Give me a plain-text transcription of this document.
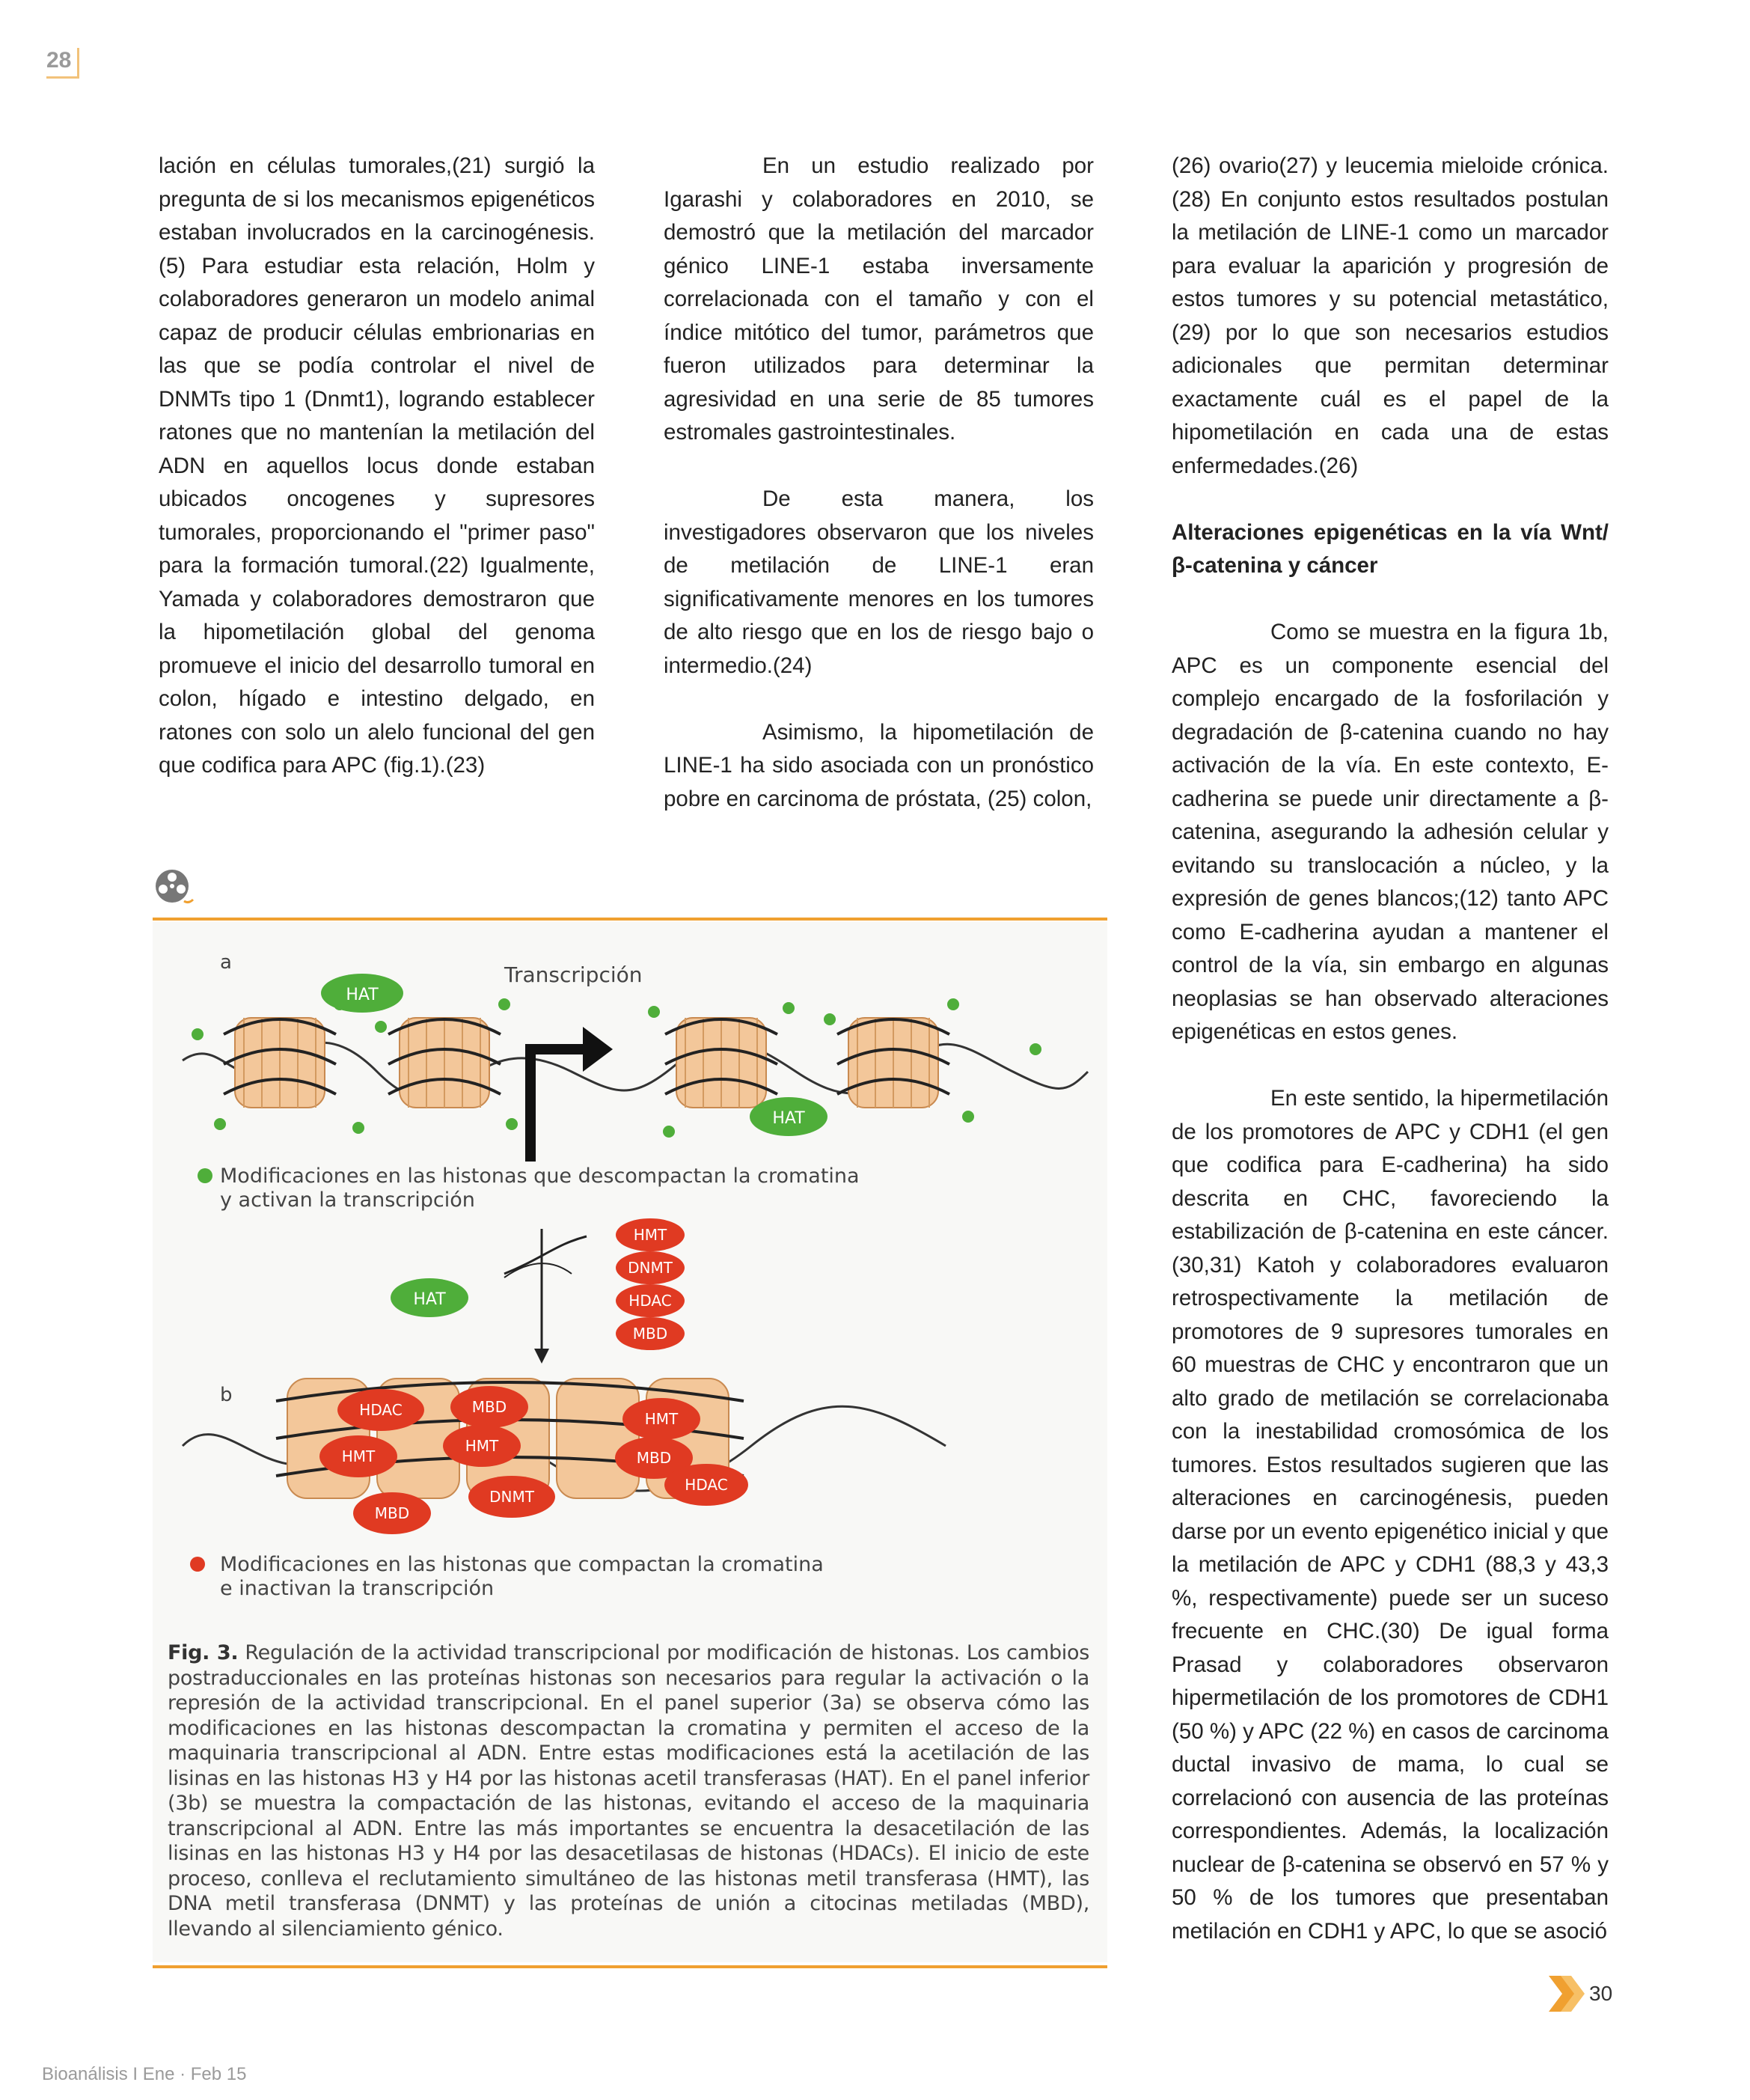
28

lación en células tumorales,(21) surgió la pregunta de si los mecanismos epigenéticos estaban involucrados en la carcinogénesis.(5) Para estudiar esta relación, Holm y colaboradores generaron un modelo animal capaz de producir células embrionarias en las que se podía controlar el nivel de DNMTs tipo 1 (Dnmt1), logrando establecer ratones que no mantenían la metilación del ADN en aquellos locus donde estaban ubicados oncogenes y supresores tumorales, proporcionando el "primer paso" para la formación tumoral.(22) Igualmente, Yamada y colaboradores demostraron que la hipometilación global del genoma promueve el inicio del desarrollo tumoral en colon, hígado e intestino delgado, en ratones con solo un alelo funcional del gen que codifica para APC (fig.1).(23)

En un estudio realizado por Igarashi y colaboradores en 2010, se demostró que la metilación del marcador génico LINE-1 estaba inversamente correlacionada con el tamaño y con el índice mitótico del tumor, parámetros que fueron utilizados para determinar la agresividad en una serie de 85 tumores estromales gastrointestinales.

De esta manera, los investigadores observaron que los niveles de metilación de LINE-1 eran significativamente menores en los tumores de alto riesgo que en los de riesgo bajo o intermedio.(24)

Asimismo, la hipometilación de LINE-1 ha sido asociada con un pronóstico pobre en carcinoma de próstata, (25) colon,

(26) ovario(27) y leucemia mieloide crónica.(28) En conjunto estos resultados postulan la metilación de LINE-1 como un marcador para evaluar la aparición y progresión de estos tumores y su potencial metastático,(29) por lo que son necesarios estudios adicionales que permitan determinar exactamente cuál es el papel de la hipometilación en cada una de estas enfermedades.(26)

Alteraciones epigenéticas en la vía Wnt/β-catenina y cáncer

Como se muestra en la figura 1b, APC es un componente esencial del complejo encargado de la fosforilación y degradación de β-catenina cuando no hay activación de la vía. En este contexto, E-cadherina se puede unir directamente a β-catenina, asegurando la adhesión celular y evitando su translocación a núcleo, y la expresión de genes blancos;(12) tanto APC como E-cadherina ayudan a mantener el control de la vía, sin embargo en algunas neoplasias se han observado alteraciones epigenéticas en estos genes.

En este sentido, la hipermetilación de los promotores de APC y CDH1 (el gen que codifica para E-cadherina) ha sido descrita en CHC, favoreciendo la estabilización de β-catenina en este cáncer.(30,31) Katoh y colaboradores evaluaron retrospectivamente la metilación de promotores de 9 supresores tumorales en 60 muestras de CHC y encontraron que un alto grado de metilación se correlacionaba con la inestabilidad cromosómica de los tumores. Estos resultados sugieren que las alteraciones en carcinogénesis, pueden darse por un evento epigenético inicial y que la metilación de APC y CDH1 (88,3 y 43,3 %, respectivamente) puede ser un suceso frecuente en CHC.(30) De igual forma Prasad y colaboradores observaron hipermetilación de los promotores de CDH1 (50 %) y APC (22 %) en casos de carcinoma ductal invasivo de mama, lo cual se correlacionó con ausencia de las proteínas correspondientes. Además, la localización nuclear de β-catenina se observó en 57 % y 50 % de los tumores que presentaban metilación en CDH1 y APC, lo que se asoció

a	Transcripción
HAT
HAT
Modificaciones en las histonas que descompactan la cromatina
y activan la transcripción
HAT
HMT
DNMT
HDAC
MBD
b
HDAC	MBD
HMT
HMT
HMT	MBD
HDAC
DNMT
MBD
Modificaciones en las histonas que compactan la cromatina
e inactivan la transcripción
Fig. 3. Regulación de la actividad transcripcional por modificación de histonas. Los cambios postraduccionales en las proteínas histonas son necesarios para regular la activación o la represión de la actividad transcripcional. En el panel superior (3a) se observa cómo las modificaciones en las histonas descompactan la cromatina y permiten el acceso de la maquinaria transcripcional al ADN. Entre estas modificaciones está la acetilación de las lisinas en las histonas H3 y H4 por las histonas acetil transferasas (HAT). En el panel inferior (3b) se muestra la compactación de las histonas, evitando el acceso de la maquinaria transcripcional al ADN. Entre las más importantes se encuentra la desacetilación de las lisinas en las histonas H3 y H4 por las desacetilasas de histonas (HDACs). El inicio de este proceso, conlleva el reclutamiento simultáneo de las histonas metil transferasa (HMT), las DNA metil transferasa (DNMT) y las proteínas de unión a citocinas metiladas (MBD), llevando al silenciamiento génico.
30
Bioanálisis I Ene · Feb 15
